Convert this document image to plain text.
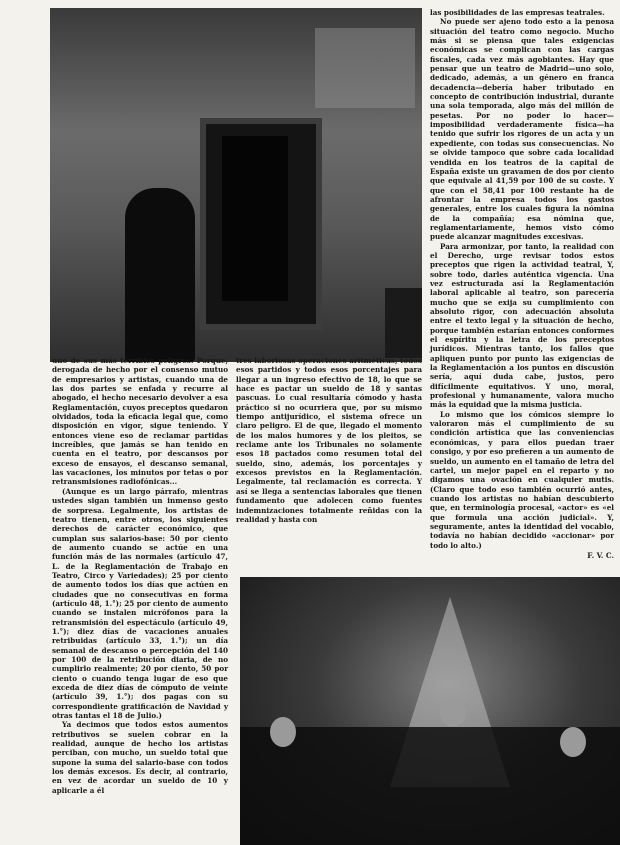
uno de sus más terribles peligros. Porque, derogada de hecho por el consenso mutuo de empresarios y artistas, cuando una de las dos partes se enfada y recurre al abogado, el hecho necesario devolver a esa Reglamentación, cuyos preceptos quedaron olvidados, toda la eficacia legal que, como disposición en vigor, sigue teniendo. Y entonces viene eso de reclamar partidas increíbles, que jamás se han tenido en cuenta en el teatro, por descansos por exceso de ensayos, el descanso semanal, las vacaciones, los minutos por tetas o por retransmisiones radiofónicas...

(Aunque es un largo párrafo, mientras ustedes sigan también un inmenso gesto de sorpresa. Legalmente, los artistas de teatro tienen, entre otros, los siguientes derechos de carácter económico, que cumplan sus salarios-base: 50 por ciento de aumento cuando se actúe en una función más de las normales (artículo 47, L. de la Reglamentación de Trabajo en Teatro, Circo y Variedades); 25 por ciento de aumento todos los días que actúen en ciudades que no consecutivas en forma (artículo 48, 1.°); 25 por ciento de aumento cuando se instalen micrófonos para la retransmisión del espectáculo (artículo 49, 1.°); diez días de vacaciones anuales retribuidas (artículo 33, 1.°); un día semanal de descanso o percepción del 140 por 100 de la retribución diaria, de no cumplirlo realmente; 20 por ciento, 50 por ciento o cuando tenga lugar de eso que exceda de diez días de cómputo de veinte (artículo 39, 1.°); dos pagas con su correspondiente gratificación de Navidad y otras tantas el 18 de Julio.)

Ya decimos que todos estos aumentos retributivos se suelen cobrar en la realidad, aunque de hecho los artistas perciban, con mucho, un sueldo total que supone la suma del salario-base con todos los demás excesos. Es decir, al contrario, en vez de acordar un sueldo de 10 y aplicarle a él

tres laboriosas operaciones aritméticas, todos esos partidos y todos esos porcentajes para llegar a un ingreso efectivo de 18, lo que se hace es pactar un sueldo de 18 y santas pascuas. Lo cual resultaría cómodo y hasta práctico si no ocurriera que, por su mismo tiempo antijurídico, el sistema ofrece un claro peligro. El de que, llegado el momento de los malos humores y de los pleitos, se reclame ante los Tribunales no solamente esos 18 pactados como resumen total del sueldo, sino, además, los porcentajes y excesos previstos en la Reglamentación. Legalmente, tal reclamación es correcta. Y así se llega a sentencias laborales que tienen fundamento que adolecen como fuentes indemnizaciones totalmente reñidas con la realidad y hasta con

las posibilidades de las empresas teatrales.

No puede ser ajeno todo esto a la penosa situación del teatro como negocio. Mucho más si se piensa que tales exigencias económicas se complican con las cargas fiscales, cada vez más agobiantes. Hay que pensar que un teatro de Madrid—uno solo, dedicado, además, a un género en franca decadencia—debería haber tributado en concepto de contribución industrial, durante una sola temporada, algo más del millón de pesetas. Por no poder lo hacer—imposibilidad verdaderamente física—ha tenido que sufrir los rigores de un acta y un expediente, con todas sus consecuencias. No se olvide tampoco que sobre cada localidad vendida en los teatros de la capital de España existe un gravamen de dos por ciento que equivale al 41,59 por 100 de su coste. Y que con el 58,41 por 100 restante ha de afrontar la empresa todos los gastos generales, entre los cuales figura la nómina de la compañía; esa nómina que, reglamentariamente, hemos visto cómo puede alcanzar magnitudes excesivas.

Para armonizar, por tanto, la realidad con el Derecho, urge revisar todos estos preceptos que rigen la actividad teatral, Y, sobre todo, darles auténtica vigencia. Una vez estructurada así la Reglamentación laboral aplicable al teatro, son parecería mucho que se exija su cumplimiento con absoluto rigor, con adecuación absoluta entre el texto legal y la situación de hecho, porque también estarían entonces conformes el espíritu y la letra de los preceptos jurídicos. Mientras tanto, los fallos que apliquen punto por punto las exigencias de la Reglamentación a los puntos en discusión sería, aquí duda cabe, justos, pero difícilmente equitativos. Y uno, moral, profesional y humanamente, valora mucho más la equidad que la misma justicia.

Lo mismo que los cómicos siempre lo valoraron más el cumplimiento de su condición artística que las conveniencias económicas, y para ellos puedan traer consigo, y por eso prefieren a un aumento de sueldo, un aumento en el tamaño de letra del cartel, un mejor papel en el reparto y no digamos una ovación en cualquier mutis. (Claro que todo eso también ocurrió antes, cuando los artistas no habían descubierto que, en terminología procesal, «actor» es «el que formula una acción judicial». Y, seguramente, antes la identidad del vocablo, todavía no habían decidido «accionar» por todo lo alto.)

F. V. C.
